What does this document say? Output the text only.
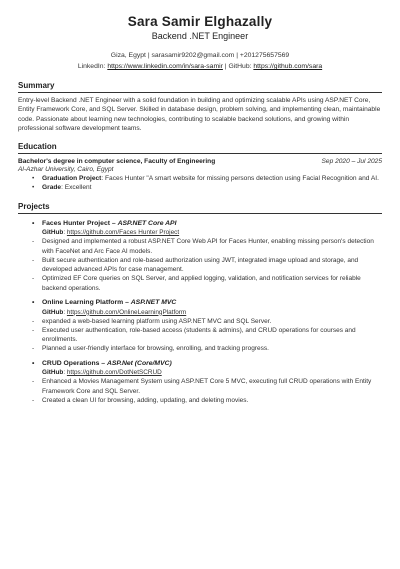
Sara Samir Elghazally
Backend .NET Engineer
Giza, Egypt | sarasamir9202@gmail.com | +201275657569
LinkedIn: https://www.linkedin.com/in/sara-samir | GitHub: https://github.com/sara
Summary
Entry-level Backend .NET Engineer with a solid foundation in building and optimizing scalable APIs using ASP.NET Core, Entity Framework Core, and SQL Server. Skilled in database design, problem solving, and implementing clean, maintainable code. Passionate about learning new technologies, contributing to scalable backend solutions, and growing within professional software development teams.
Education
Bachelor's degree in computer science, Faculty of Engineering	Sep 2020 – Jul 2025
Al-Azhar University, Cairo, Egypt
• Graduation Project: Faces Hunter "A smart website for missing persons detection using Facial Recognition and AI.
• Grade: Excellent
Projects
• Faces Hunter Project – ASP.NET Core API
GitHub: https://github.com/Faces Hunter Project
- Designed and implemented a robust ASP.NET Core Web API for Faces Hunter, enabling missing person's detection with FaceNet and Arc Face AI models.
- Built secure authentication and role-based authorization using JWT, integrated image upload and storage, and developed advanced APIs for case management.
- Optimized EF Core queries on SQL Server, and applied logging, validation, and notification services for reliable backend operations.
• Online Learning Platform – ASP.NET MVC
GitHub: https://github.com/OnlineLearningPlatform
- expanded a web-based learning platform using ASP.NET MVC and SQL Server.
- Executed user authentication, role-based access (students & admins), and CRUD operations for courses and enrollments.
- Planned a user-friendly interface for browsing, enrolling, and tracking progress.
• CRUD Operations – ASP.Net (Core/MVC)
GitHub: https://github.com/DotNetSCRUD
- Enhanced a Movies Management System using ASP.NET Core 5 MVC, executing full CRUD operations with Entity Framework Core and SQL Server.
- Created a clean UI for browsing, adding, updating, and deleting movies.
